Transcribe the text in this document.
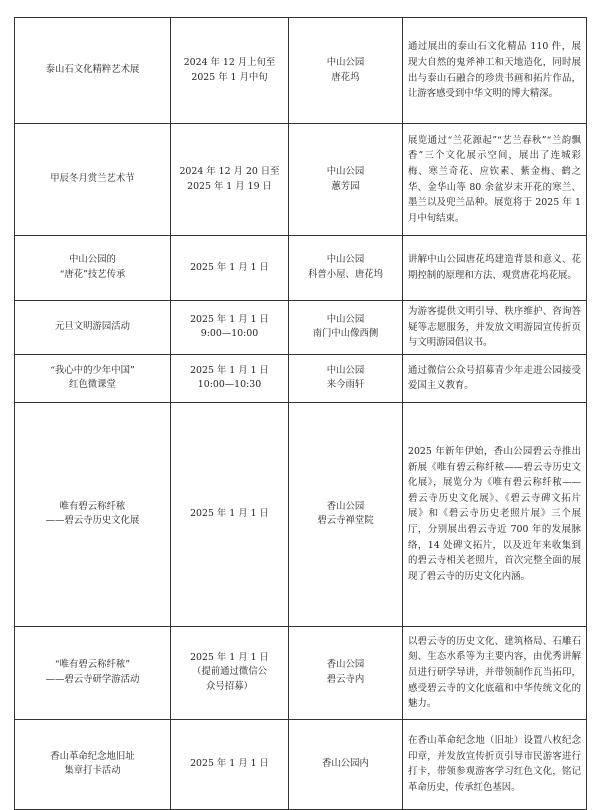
泰山石文化精粹艺术展	2024 年 12 月上旬至
2025 年 1 月中旬	中山公园
唐花坞	通过展出的泰山石文化精品 110 件，展现大自然的鬼斧神工和天地造化，同时展出与泰山石融合的珍贵书画和拓片作品，让游客感受到中华文明的博大精深。

甲辰冬月赏兰艺术节	2024 年 12 月 20 日至
2025 年 1 月 19 日	中山公园
蕙芳园	展览通过“兰花源起”“艺兰春秋”“兰韵飘香”三个文化展示空间，展出了连城彩梅、寒兰奇花、应钦素、紫金梅、鹤之华、金华山等 80 余盆岁末开花的寒兰、墨兰以及兜兰品种。展览将于 2025 年 1 月中旬结束。

中山公园的
“唐花”技艺传承	2025 年 1 月 1 日	中山公园
科普小屋、唐花坞	讲解中山公园唐花坞建造背景和意义、花期控制的原理和方法、观赏唐花坞花展。

元旦文明游园活动	2025 年 1 月 1 日
9:00—10:00	中山公园
南门中山像西侧	为游客提供文明引导、秩序维护、咨询答疑等志愿服务，并发放文明游园宣传折页与文明游园倡议书。

“我心中的少年中国”
红色微课堂	2025 年 1 月 1 日
10:00—10:30	中山公园
来今雨轩	通过微信公众号招募青少年走进公园接受爱国主义教育。

唯有碧云称纤秾
——碧云寺历史文化展	2025 年 1 月 1 日	香山公园
碧云寺禅堂院	2025 年新年伊始，香山公园碧云寺推出新展《唯有碧云称纤秾——碧云寺历史文化展》，展览分为《唯有碧云称纤秾——碧云寺历史文化展》、《碧云寺碑文拓片展》和《碧云寺历史老照片展》三个展厅，分别展出碧云寺近 700 年的发展脉络，14 处碑文拓片，以及近年来收集到的碧云寺相关老照片，首次完整全面的展现了碧云寺的历史文化内涵。

“唯有碧云称纤秾”
——碧云寺研学游活动	2025 年 1 月 1 日
（提前通过微信公
众号招募）	香山公园
碧云寺内	以碧云寺的历史文化、建筑格局、石雕石刻、生态水系等为主要内容，由优秀讲解员进行研学导讲，并带领制作瓦当拓印，感受碧云寺的文化底蕴和中华传统文化的魅力。

香山革命纪念地旧址
集章打卡活动	2025 年 1 月 1 日	香山公园内	在香山革命纪念地（旧址）设置八枚纪念印章，并发放宣传折页引导市民游客进行打卡，带领参观游客学习红色文化，铭记革命历史，传承红色基因。
